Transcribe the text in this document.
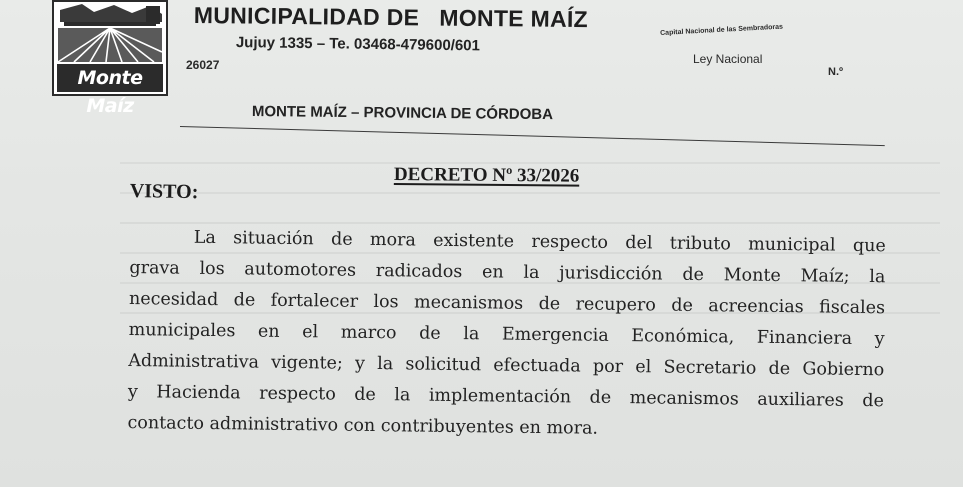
Monte Maíz
MUNICIPALIDAD DE   MONTE MAÍZ
Jujuy 1335 – Te. 03468-479600/601
26027
Capital Nacional de las Sembradoras
Ley Nacional
N.º
MONTE MAÍZ – PROVINCIA DE CÓRDOBA
DECRETO Nº 33/2026
VISTO:
La situación de mora existente respecto del tributo municipal que
grava los automotores radicados en la jurisdicción de Monte Maíz; la
necesidad de fortalecer los mecanismos de recupero de acreencias fiscales
municipales en el marco de la Emergencia Económica, Financiera y
Administrativa vigente; y la solicitud efectuada por el Secretario de Gobierno
y Hacienda respecto de la implementación de mecanismos auxiliares de
contacto administrativo con contribuyentes en mora.
